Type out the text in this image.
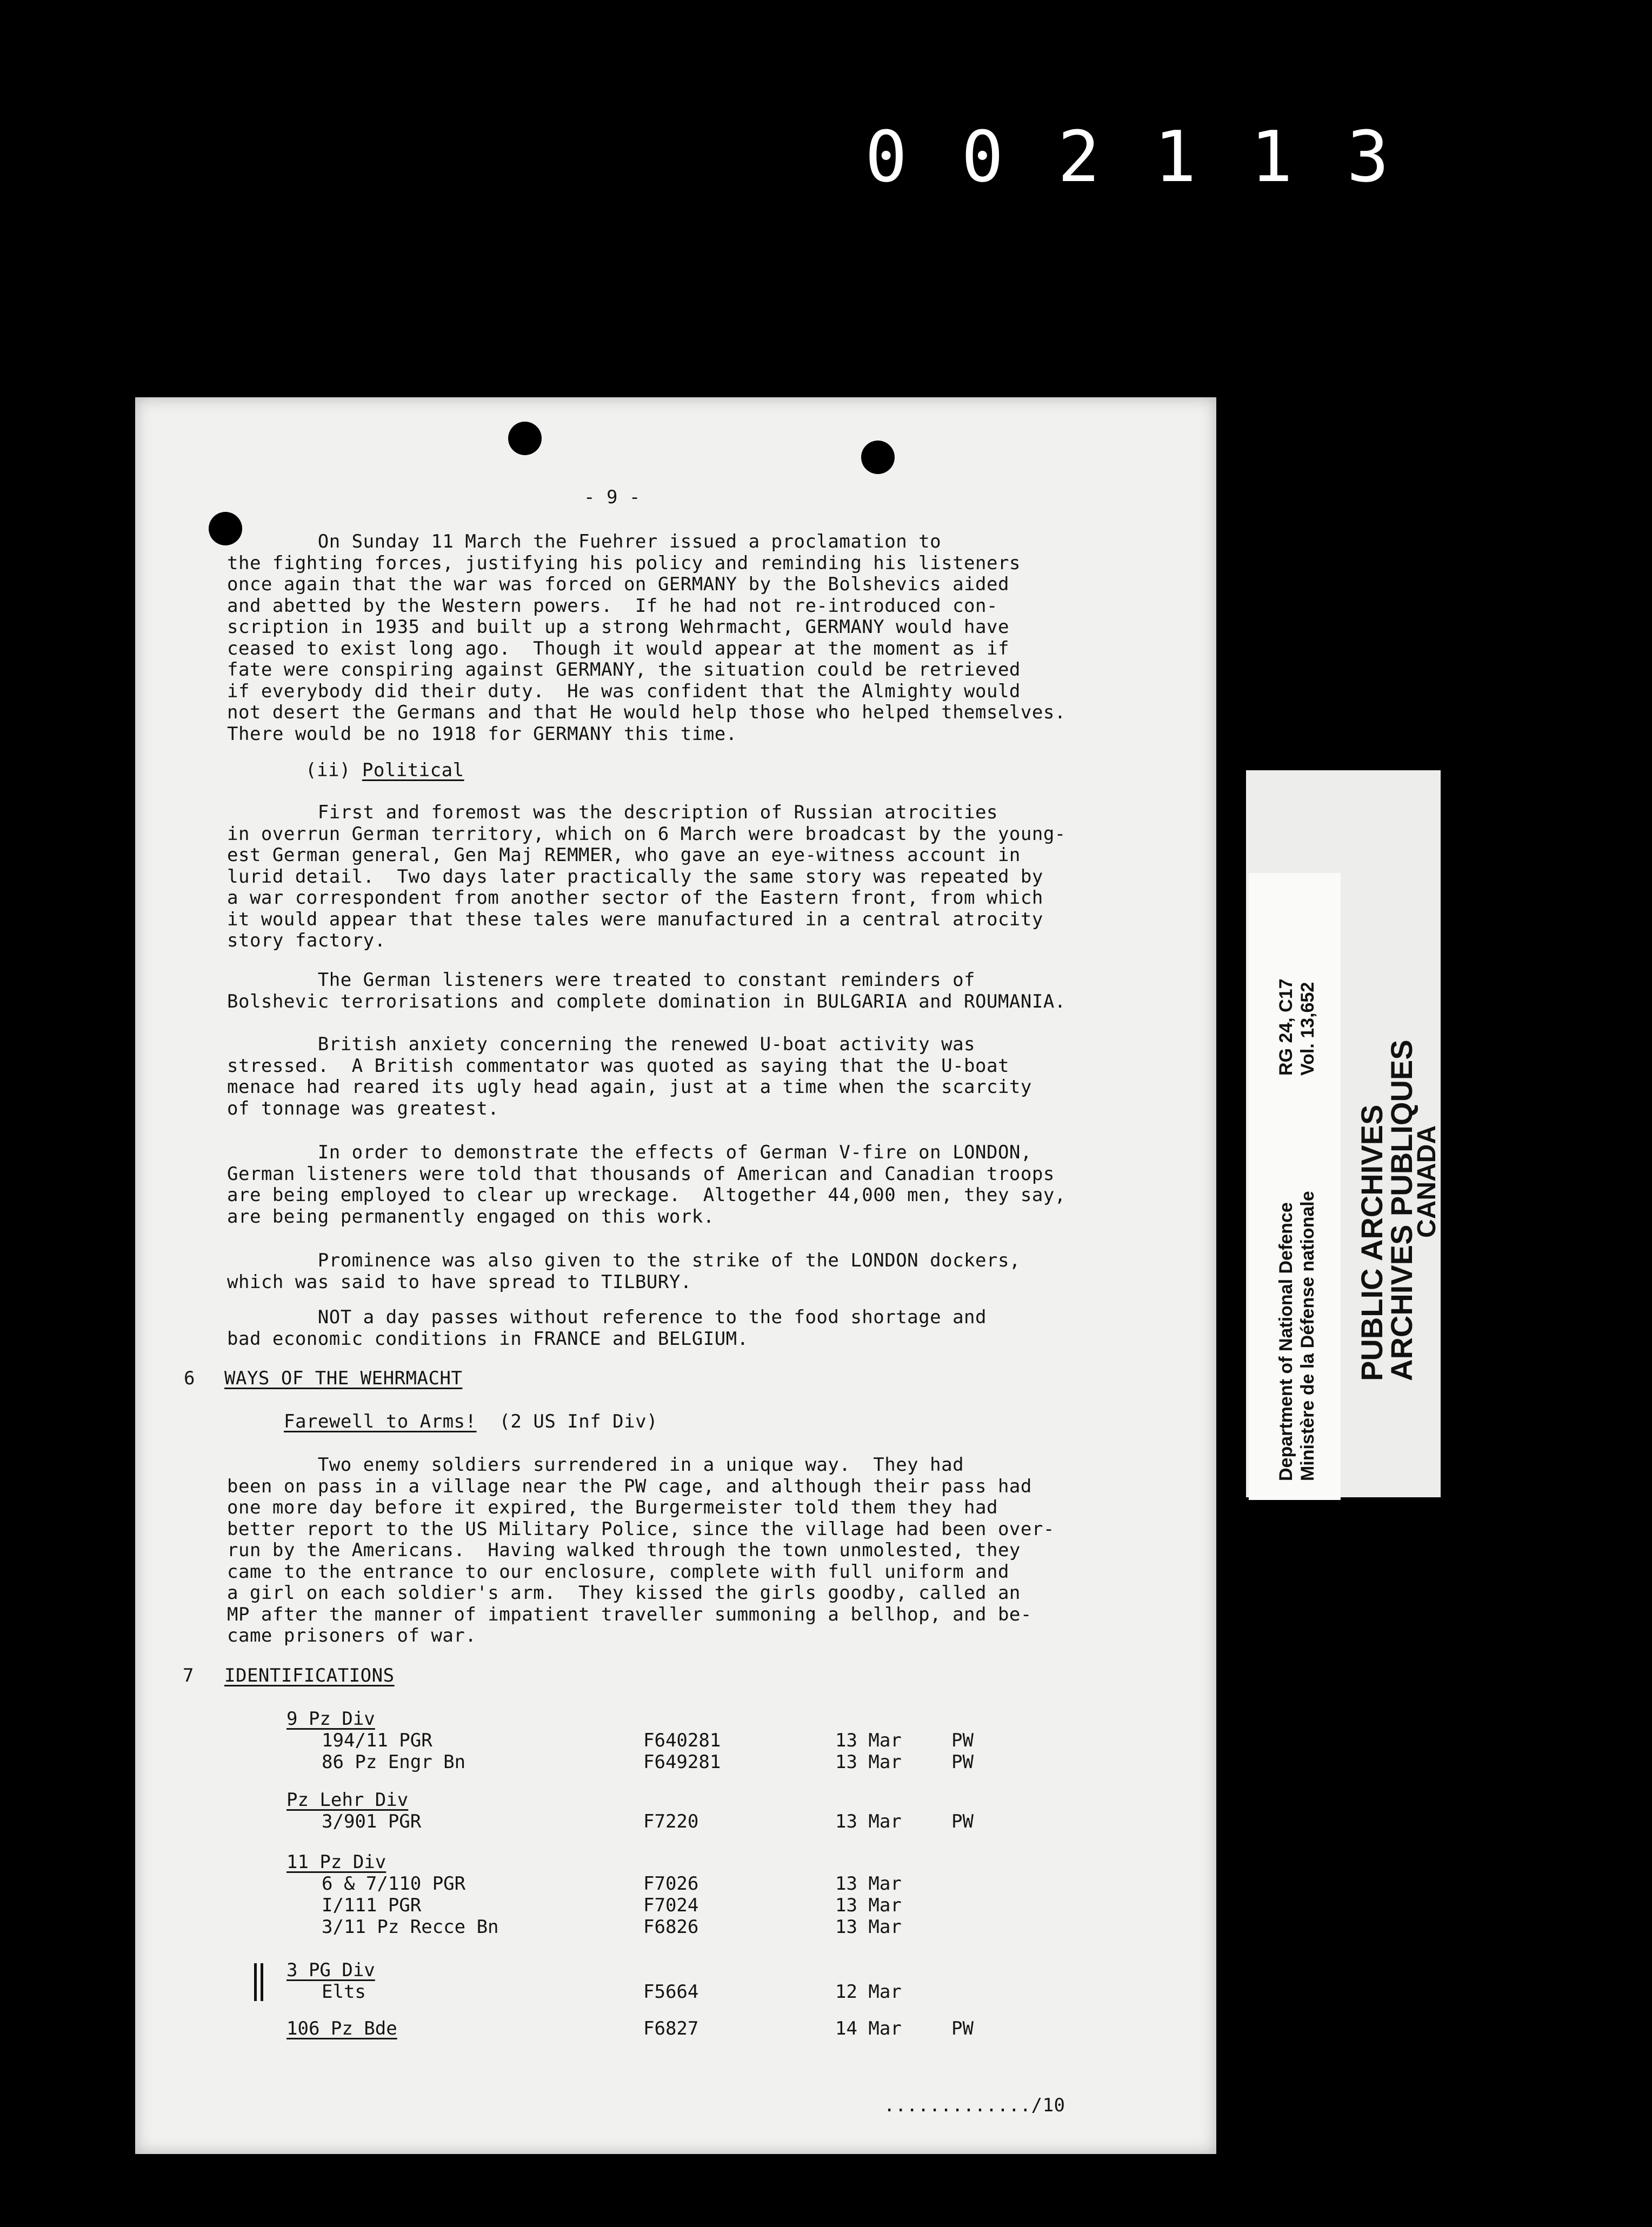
002113
- 9 -
On Sunday 11 March the Fuehrer issued a proclamation to
the fighting forces, justifying his policy and reminding his listeners
once again that the war was forced on GERMANY by the Bolshevics aided
and abetted by the Western powers.  If he had not re-introduced con-
scription in 1935 and built up a strong Wehrmacht, GERMANY would have
ceased to exist long ago.  Though it would appear at the moment as if
fate were conspiring against GERMANY, the situation could be retrieved
if everybody did their duty.  He was confident that the Almighty would
not desert the Germans and that He would help those who helped themselves.
There would be no 1918 for GERMANY this time.
(ii) Political
First and foremost was the description of Russian atrocities
in overrun German territory, which on 6 March were broadcast by the young-
est German general, Gen Maj REMMER, who gave an eye-witness account in
lurid detail.  Two days later practically the same story was repeated by
a war correspondent from another sector of the Eastern front, from which
it would appear that these tales were manufactured in a central atrocity
story factory.
The German listeners were treated to constant reminders of
Bolshevic terrorisations and complete domination in BULGARIA and ROUMANIA.
British anxiety concerning the renewed U-boat activity was
stressed.  A British commentator was quoted as saying that the U-boat
menace had reared its ugly head again, just at a time when the scarcity
of tonnage was greatest.
In order to demonstrate the effects of German V-fire on LONDON,
German listeners were told that thousands of American and Canadian troops
are being employed to clear up wreckage.  Altogether 44,000 men, they say,
are being permanently engaged on this work.
Prominence was also given to the strike of the LONDON dockers,
which was said to have spread to TILBURY.
NOT a day passes without reference to the food shortage and
bad economic conditions in FRANCE and BELGIUM.
6 WAYS OF THE WEHRMACHT
Farewell to Arms!  (2 US Inf Div)
Two enemy soldiers surrendered in a unique way.  They had
been on pass in a village near the PW cage, and although their pass had
one more day before it expired, the Burgermeister told them they had
better report to the US Military Police, since the village had been over-
run by the Americans.  Having walked through the town unmolested, they
came to the entrance to our enclosure, complete with full uniform and
a girl on each soldier's arm.  They kissed the girls goodby, called an
MP after the manner of impatient traveller summoning a bellhop, and be-
came prisoners of war.
7 IDENTIFICATIONS
9 Pz Div
194/11 PGR	F640281	13 Mar	PW
86 Pz Engr Bn	F649281	13 Mar	PW
Pz Lehr Div
3/901 PGR	F7220	13 Mar	PW
11 Pz Div
6 & 7/110 PGR	F7026	13 Mar
I/111 PGR	F7024	13 Mar
3/11 Pz Recce Bn	F6826	13 Mar
3 PG Div
Elts	F5664	12 Mar
106 Pz Bde	F6827	14 Mar	PW
............./10
Department of National Defence Ministère de la Défense nationale
RG 24, C17 Vol. 13,652
PUBLIC ARCHIVES
ARCHIVES PUBLIQUES
CANADA
